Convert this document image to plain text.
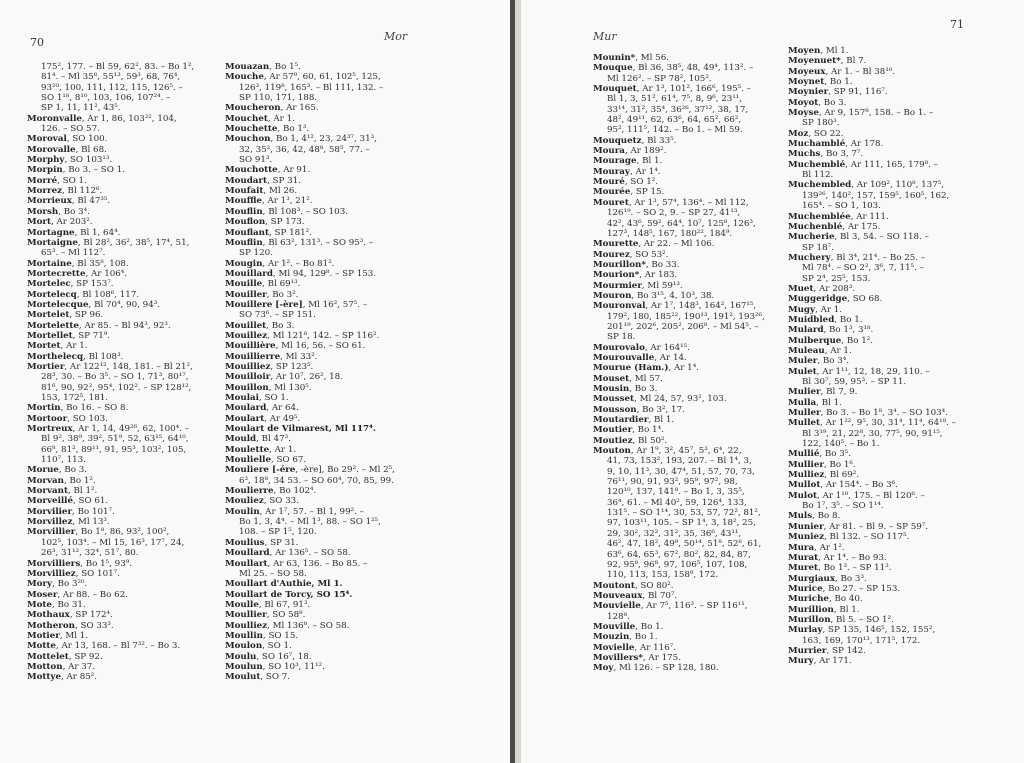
70	Mor	Mur
71

175², 177. – Bl 59, 62², 83. – Bo 1²,

81⁴. – Ml 35⁸, 55¹³, 59³, 68, 76⁴,

93²⁰, 100, 111, 112, 115, 126⁵. –

SO 1¹⁸, 8¹⁰, 103, 106, 107²⁴. –

SP 1, 11, 11², 43⁵.

Moronvalle, Ar 1, 86, 103²², 104,

126. – SO 57.

Moroval, SO 100.

Morovalle, Bl 68.

Morphy, SO 103¹³.

Morpin, Bo 3. – SO 1.

Morré, SO 1.

Morrez, Bl 112⁶.

Morrieux, Bl 47³⁵.

Morsh, Bo 3⁴.

Mort, Ar 203².

Mortagne, Bl 1, 64⁴.

Mortaigne, Bl 28², 36², 38⁵, 17⁴, 51,

65³. – Ml 112⁷.

Mortaine, Bl 35⁸, 108.

Mortecrette, Ar 106⁴.

Mortelec, SP 153⁷.

Mortelecq, Bl 108⁶, 117.

Mortelecque, Bl 70⁴, 90, 94³.

Mortelet, SP 96.

Mortelette, Ar 85. – Bl 94³, 92³.

Mortellet, SP 71⁹.

Mortet, Ar 1.

Morthelecq, Bl 108³.

Mortier, Ar 122¹², 148, 181. – Bl 21²,

28³, 30. – Bo 3⁵. – SO 1, 71³, 80¹⁷,

81⁶, 90, 92², 95⁴, 102². – SP 128¹²,

153, 172⁵, 181.

Mortin, Bo 16. – SO 8.

Mortoor, SO 103.

Mortreux, Ar 1, 14, 49²⁶, 62, 100⁴. –

Bl 9², 38⁹, 39², 51⁹, 52, 63¹⁵, 64¹⁰,

66⁸, 81², 89¹¹, 91, 95³, 103², 105,

110⁷, 113.

Morue, Bo 3.

Morvan, Bo 1².

Morvant, Bl 1².

Morveillé, SO 61.

Morvilier, Bo 101⁷.

Morvillez, Ml 13³.

Morvillier, Bo 1⁸, 86, 93², 100²,

102⁵, 103⁴. – Ml 15, 16³, 17⁷, 24,

26³, 31¹², 32⁴, 51⁷, 80.

Morvilliers, Bo 1⁵, 93⁹.

Morvilliez, SO 101⁷.

Mory, Bo 3²⁰.

Moser, Ar 88. – Bo 62.

Mote, Bo 31.

Mothaux, SP 172⁴.

Motheron, SO 33³.

Motier, Ml 1.

Motte, Ar 13, 168. – Bl 7³². – Bo 3.

Mottelet, SP 92.

Motton, Ar 37.

Mottye, Ar 85².

Mouazan, Bo 1⁵.

Mouche, Ar 57⁹, 60, 61, 102⁵, 125,

126³, 119⁸, 165³. – Bl 111, 132. –

SP 110, 171, 188.

Moucheron, Ar 165.

Mouchet, Ar 1.

Mouchette, Bo 1³.

Mouchon, Bo 1, 4¹², 23, 24³⁷, 31³,

32, 35², 36, 42, 48⁸, 58⁵, 77. –

SO 91³.

Mouchotte, Ar 91.

Moudart, SP 31.

Moufait, Ml 26.

Mouffle, Ar 1³, 21².

Mouflin, Bl 108³. – SO 103.

Mouflon, SP 173.

Mouflant, SP 181².

Mouflin, Bl 63², 131³. – SO 95³. –

SP 120.

Mougin, Ar 1². – Bo 81².

Mouillard, Ml 94, 129⁸. – SP 153.

Mouille, Bl 69¹³.

Mouiller, Bo 3².

Mouillere [-ère], Ml 16², 57⁵. –

SO 73⁶. – SP 151.

Mouillet, Bo 3.

Mouillez, Ml 121⁸, 142. – SP 116².

Mouillière, Ml 16, 56. – SO 61.

Mouillierre, Ml 33².

Mouilliez, SP 123⁵.

Mouilloir, Ar 10⁷, 26², 18.

Mouillon, Ml 130⁵.

Moulai, SO 1.

Moulard, Ar 64.

Moulart, Ar 49⁵.

Moulart de Vilmarest, Ml 117⁴.

Mould, Bl 47³.

Moulette, Ar 1.

Moulielle, SO 67.

Mouliere [-ére, -ère], Bo 29². – Ml 2⁵,

6³, 18⁸, 34 53. – SO 60⁴, 70, 85, 99.

Moulierre, Bo 102⁴.

Mouliez, SO 33.

Moulin, Ar 1⁷, 57. – Bl 1, 99². –

Bo 1, 3, 4⁴. – Ml 1³, 88. – SO 1²⁵,

108. – SP 1⁵, 120.

Moulius, SP 31.

Moullard, Ar 136⁵. – SO 58.

Moullart, Ar 63, 136. – Bo 85. –

Ml 25. – SO 58.

Moullart d'Authie, Ml 1.

Moullart de Torcy, SO 15⁴.

Moulle, Bl 67, 91³.

Moullier, SO 58⁸.

Moulliez, Ml 136⁸. – SO 58.

Moullin, SO 15.

Moulon, SO 1.

Moulu, SO 16⁷, 18.

Moulun, SO 10³, 11¹².

Moulut, SO 7.

Mounin*, Ml 56.

Mouque, Bl 36, 38⁵, 48, 49⁴, 113². –

Ml 126². – SP 78², 105².

Mouquet, Ar 1³, 101², 166⁶, 195⁵. –

Bl 1, 3, 51², 61⁴, 7⁵, 8, 9⁶, 23¹¹,

33¹⁴, 31², 35⁴, 36²⁶, 37¹², 38, 17,

48², 49¹¹, 62, 63⁶, 64, 65², 66²,

95², 111⁵, 142. – Bo 1. – Ml 59.

Mouquetz, Bl 33⁵.

Moura, Ar 189².

Mourage, Bl 1.

Mouray, Ar 1⁴.

Mouré, SO 1².

Mourée, SP 15.

Mouret, Ar 1³, 57⁴, 136⁴. – Ml 112,

126¹⁹. – SO 2, 9. – SP 27, 41¹³,

42², 43⁶, 59², 64⁴, 10⁷, 125⁸, 126³,

127³, 148⁵, 167, 180²², 184⁹.

Mourette, Ar 22. – Ml 106.

Mourez, SO 53².

Mourillon*, Bo 33.

Mourion*, Ar 183.

Mourmier, Ml 59¹³.

Mouron, Bo 3¹⁵, 4, 10³, 38.

Mouronval, Ar 1⁷, 148³, 164², 167¹⁵,

179², 180, 185²², 190¹³, 191², 193²⁶,

201¹⁹, 202⁶, 205², 206⁸. – Ml 54⁵. –

SP 18.

Mourovalo, Ar 164¹⁵.

Mourouvalle, Ar 14.

Mourue (Ham.), Ar 1⁴.

Mouset, Ml 57.

Mousin, Bo 3.

Mousset, Ml 24, 57, 93², 103.

Mousson, Bo 3², 17.

Moutardier, Bl 1.

Moutier, Bo 1⁴.

Moutiez, Bl 50².

Mouton, Ar 1⁹, 3², 45⁷, 5³, 6⁴, 22,

41, 73, 153², 193, 207. – Bl 1⁴, 3,

9, 10, 11³, 30, 47⁴, 51, 57, 70, 73,

76¹¹, 90, 91, 93², 95⁸, 97², 98,

120¹⁰, 137, 141⁸. – Bo 1, 3, 35⁵,

36⁴, 61. – Ml 40², 59, 126⁴, 133,

131⁵. – SO 1¹⁴, 30, 53, 57, 72², 81²,

97, 103¹¹, 105. – SP 1⁴, 3, 18², 25,

29, 30², 32², 31², 35, 36⁶, 43¹¹,

46², 47, 18², 49⁹, 50¹⁴, 51⁸, 52⁸, 61,

63⁶, 64, 65³, 67², 80², 82, 84, 87,

92, 95⁸, 96⁸, 97, 106⁵, 107, 108,

110, 113, 153, 158⁹, 172.

Moutont, SO 80².

Mouveaux, Bl 70⁷.

Mouvielle, Ar 7⁵, 116³. – SP 116¹¹,

128⁸.

Mouville, Bo 1.

Mouzin, Bo 1.

Movielle, Ar 116⁷.

Movillers*, Ar 175.

Moy, Ml 126. – SP 128, 180.

Moyen, Ml 1.

Moyenuet*, Bl 7.

Moyeux, Ar 1. – Bl 38¹⁰.

Moynet, Bo 1.

Moynier, SP 91, 116⁷.

Moyot, Bo 3.

Moyse, Ar 9, 157⁸, 158. – Bo 1. –

SP 180³.

Moz, SO 22.

Muchamblé, Ar 178.

Muchs, Bo 3, 7⁷.

Muchemblé, Ar 111, 165, 179⁸. –

Bl 112.

Muchembled, Ar 109², 110⁸, 137⁵,

139²⁶, 140², 157, 159⁵, 160⁵, 162,

165⁴. – SO 1, 103.

Muchemblée, Ar 111.

Muchenblé, Ar 175.

Mucherie, Bl 3, 54. – SO 118. –

SP 18⁷.

Muchery, Bl 3⁴, 21⁴. – Bo 25. –

Ml 78⁴. – SO 2², 3⁶, 7, 11⁵. –

SP 2⁴, 25⁵, 153.

Muet, Ar 208³.

Muggeridge, SO 68.

Mugy, Ar 1.

Muidbled, Bo 1.

Mulard, Bo 1³, 3¹⁸.

Mulberque, Bo 1².

Muleau, Ar 1.

Muler, Bo 3⁴.

Mulet, Ar 1¹¹, 12, 18, 29, 110. –

Bl 30⁷, 59, 95³. – SP 11.

Mulier, Bl 7, 9.

Mulla, Bl 1.

Muller, Bo 3. – Bo 1⁸, 3⁴. – SO 103⁴.

Mullet, Ar 1²², 9⁵, 30, 31⁴, 11⁴, 64¹⁸. –

Bl 3¹⁹, 21, 22⁸, 30, 77⁵, 90, 91¹⁵,

122, 140⁵. – Bo 1.

Mullié, Bo 3⁵.

Mullier, Bo 1⁶.

Mulliez, Bl 69².

Mullot, Ar 154⁴. – Bo 3⁶.

Mulot, Ar 1¹⁰, 175. – Bl 120⁶. –

Bo 1⁷, 3⁵. – SO 1¹⁴.

Muls, Bo 8.

Munier, Ar 81. – Bl 9. – SP 59⁷.

Muniez, Bl 132. – SO 117⁵.

Mura, Ar 1².

Murat, Ar 1⁴. – Bo 93.

Muret, Bo 1³. – SP 11³.

Murgiaux, Bo 3³.

Murice, Bo 27. – SP 153.

Muriche, Bo 40.

Murillion, Bl 1.

Murillon, Bl 5. – SO 1².

Murlay, SP 135, 146⁵, 152, 155²,

163, 169, 170¹³, 171⁵, 172.

Murrier, SP 142.

Mury, Ar 171.
